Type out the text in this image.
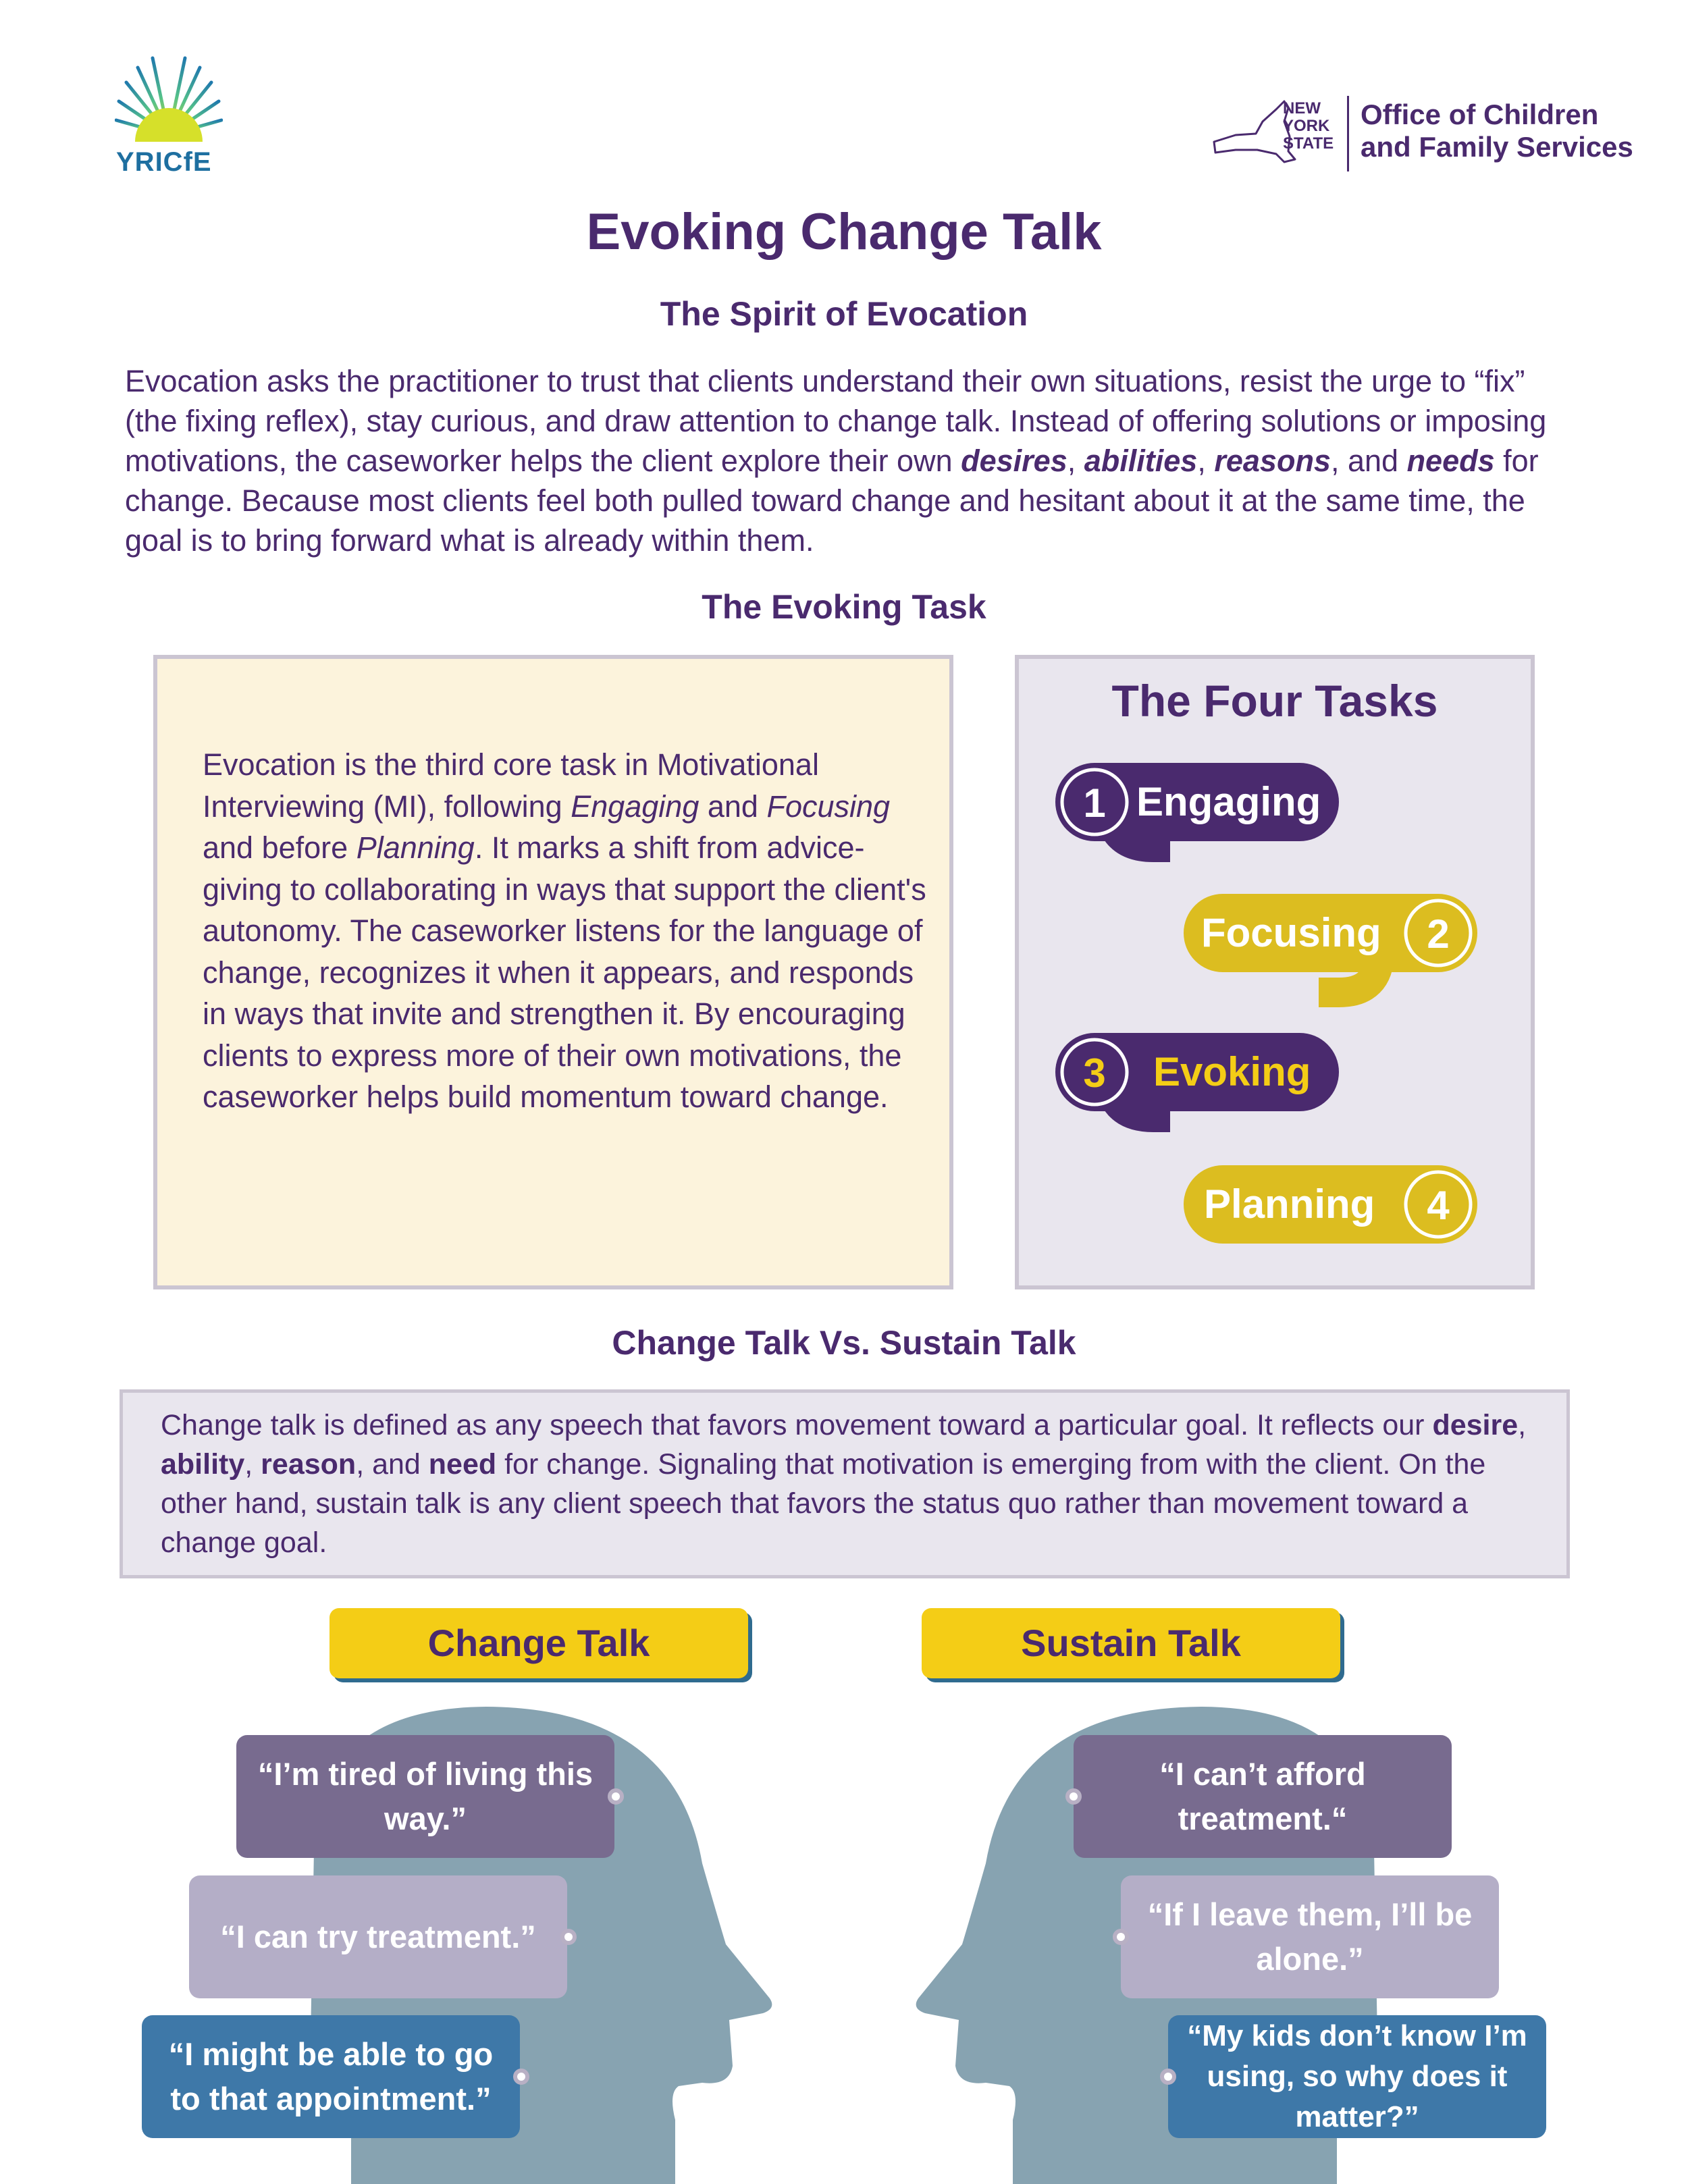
YRICfE
NEW
YORK
STATE
Office of Children
and Family Services
Evoking Change Talk
The Spirit of Evocation

Evocation asks the practitioner to trust that clients understand their own situations, resist the urge to “fix” (the fixing reflex), stay curious, and draw attention to change talk. Instead of offering solutions or imposing motivations, the caseworker helps the client explore their own desires, abilities, reasons, and needs for change. Because most clients feel both pulled toward change and hesitant about it at the same time, the goal is to bring forward what is already within them.

The Evoking Task

Evocation is the third core task in Motivational Interviewing (MI), following Engaging and Focusing and before Planning. It marks a shift from advice-giving to collaborating in ways that support the client's autonomy. The caseworker listens for the language of change, recognizes it when it appears, and responds in ways that invite and strengthen it. By encouraging clients to express more of their own motivations, the caseworker helps build momentum toward change.

The Four Tasks
1 Engaging
2
Focusing
3 Evoking
4
Planning
Change Talk Vs. Sustain Talk

Change talk is defined as any speech that favors movement toward a particular goal. It reflects our desire, ability, reason, and need for change. Signaling that motivation is emerging from with the client. On the other hand, sustain talk is any client speech that favors the status quo rather than movement toward a change goal.

Change Talk	Sustain Talk
“I’m tired of living this way.”
“I can try treatment.”
“I might be able to go to that appointment.”
“I can’t afford treatment.“
“If I leave them, I’ll be alone.”
“My kids don’t know I’m using, so why does it matter?”
